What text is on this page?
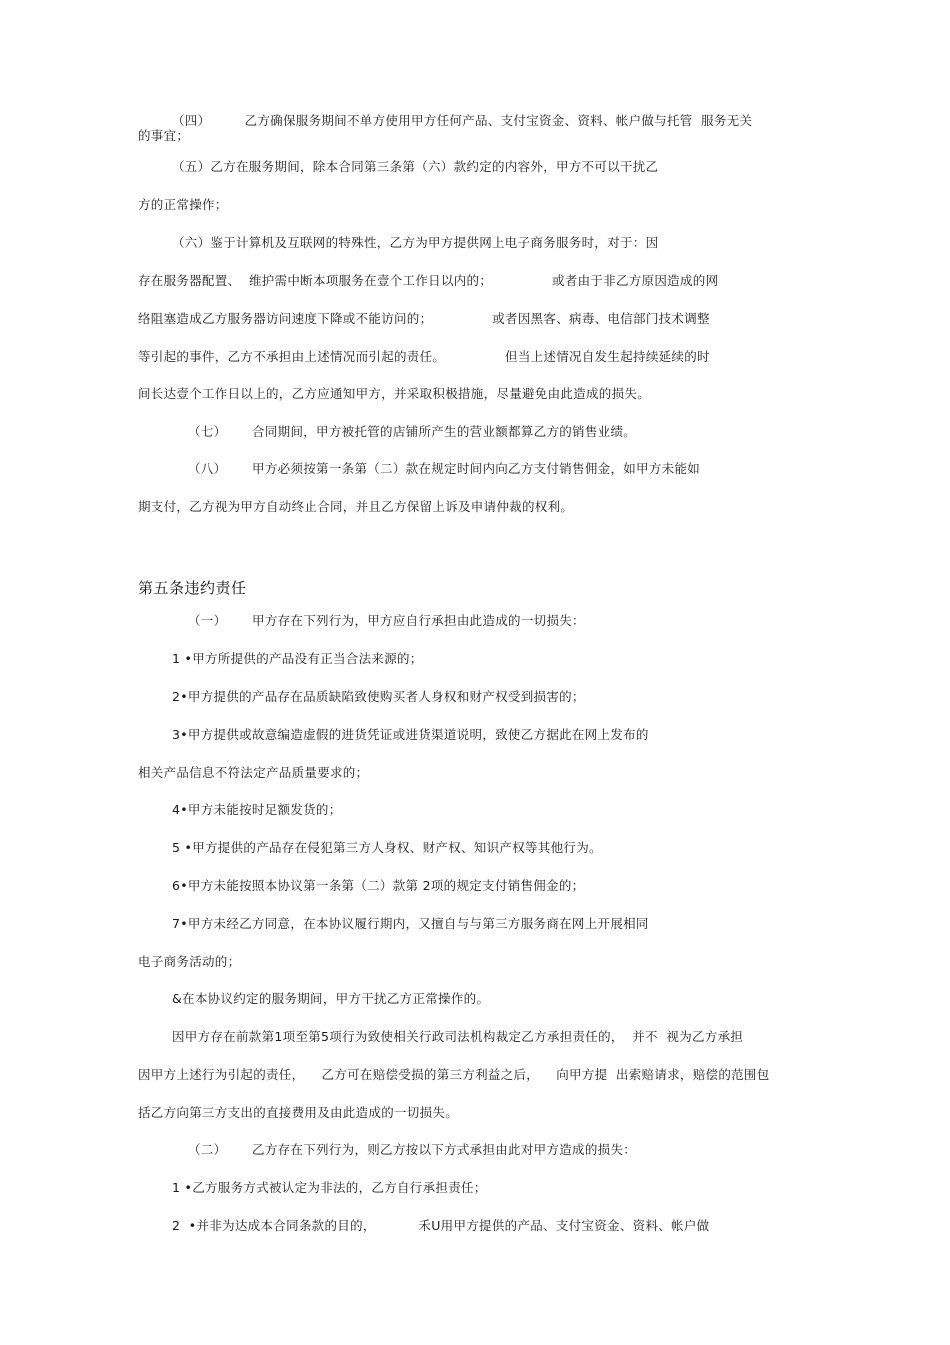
（四）        乙方确保服务期间不单方使用甲方任何产品、支付宝资金、资料、帐户做与托管  服务无关
的事宜；
（五）乙方在服务期间，除本合同第三条第（六）款约定的内容外，甲方不可以干扰乙
方的正常操作；
（六）鉴于计算机及互联网的特殊性，乙方为甲方提供网上电子商务服务时，对于：因
存在服务器配置、  维护需中断本项服务在壹个工作日以内的；              或者由于非乙方原因造成的网
络阻塞造成乙方服务器访问速度下降或不能访问的；              或者因黑客、病毒、电信部门技术调整
等引起的事件，乙方不承担由上述情况而引起的责任。              但当上述情况自发生起持续延续的时
间长达壹个工作日以上的，乙方应通知甲方，并采取积极措施，尽量避免由此造成的损失。
（七）      合同期间，甲方被托管的店铺所产生的营业额都算乙方的销售业绩。
（八）      甲方必须按第一条第（二）款在规定时间内向乙方支付销售佣金，如甲方未能如
期支付，乙方视为甲方自动终止合同，并且乙方保留上诉及申请仲裁的权利。
第五条违约责任
（一）      甲方存在下列行为，甲方应自行承担由此造成的一切损失：
1 •甲方所提供的产品没有正当合法来源的；
2•甲方提供的产品存在品质缺陷致使购买者人身权和财产权受到损害的；
3•甲方提供或故意编造虚假的进货凭证或进货渠道说明，致使乙方据此在网上发布的
相关产品信息不符法定产品质量要求的；
4•甲方未能按时足额发货的；
5 •甲方提供的产品存在侵犯第三方人身权、财产权、知识产权等其他行为。
6•甲方未能按照本协议第一条第（二）款第 2项的规定支付销售佣金的；
7•甲方未经乙方同意，在本协议履行期内，又擅自与与第三方服务商在网上开展相同
电子商务活动的；
&在本协议约定的服务期间，甲方干扰乙方正常操作的。
因甲方存在前款第1项至第5项行为致使相关行政司法机构裁定乙方承担责任的，  并不  视为乙方承担
因甲方上述行为引起的责任，    乙方可在赔偿受损的第三方利益之后，    向甲方提  出索赔请求，赔偿的范围包
括乙方向第三方支出的直接费用及由此造成的一切损失。
（二）      乙方存在下列行为，则乙方按以下方式承担由此对甲方造成的损失：
1 •乙方服务方式被认定为非法的，乙方自行承担责任；
2  •并非为达成本合同条款的目的，          禾U用甲方提供的产品、支付宝资金、资料、帐户做
